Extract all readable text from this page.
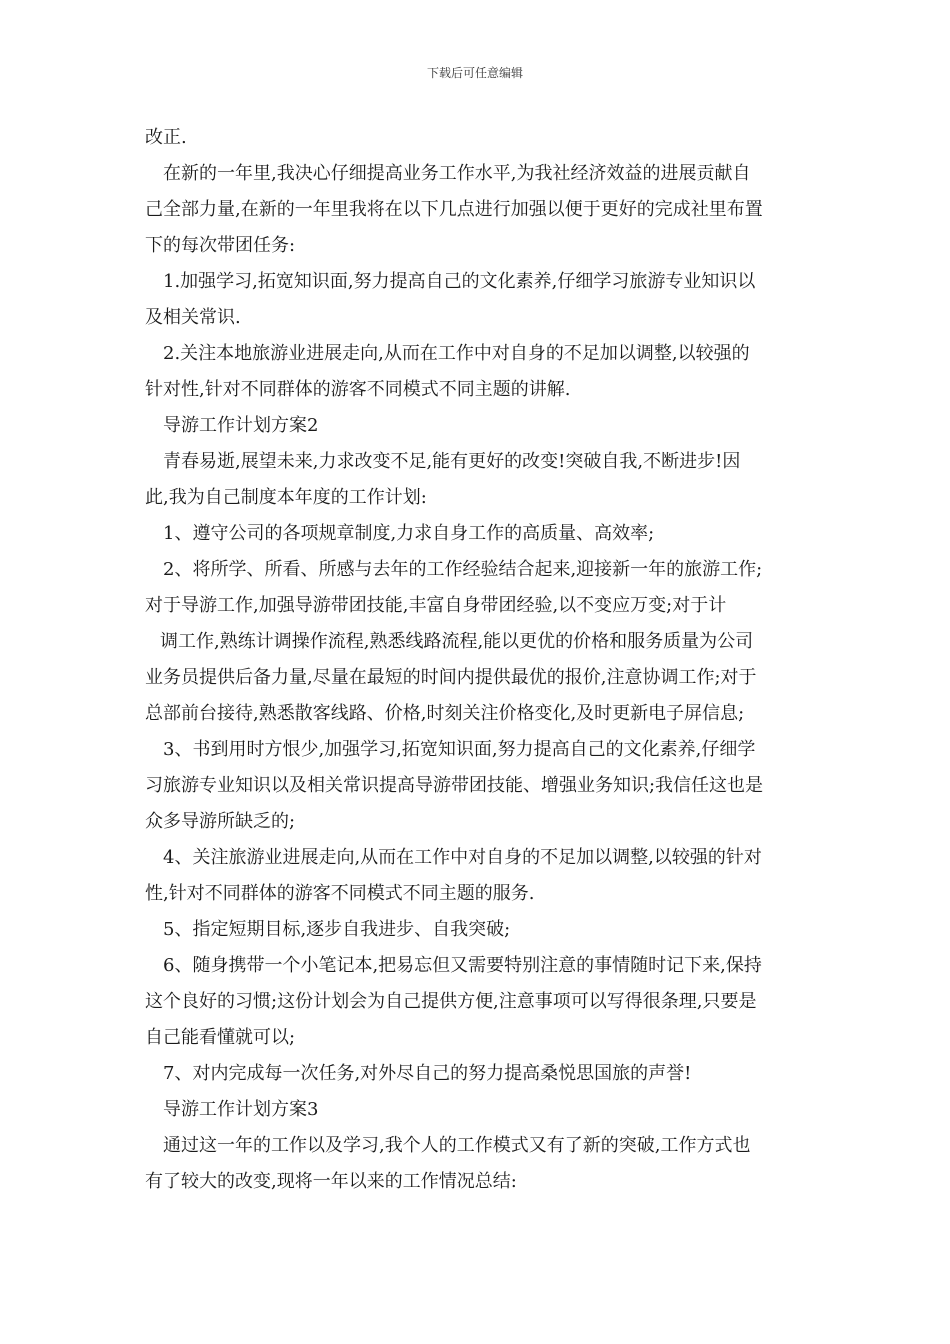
下载后可任意编辑
改正.
在新的一年里,我决心仔细提高业务工作水平,为我社经济效益的进展贡献自
己全部力量,在新的一年里我将在以下几点进行加强以便于更好的完成社里布置
下的每次带团任务:
1.加强学习,拓宽知识面,努力提高自己的文化素养,仔细学习旅游专业知识以
及相关常识.
2.关注本地旅游业进展走向,从而在工作中对自身的不足加以调整,以较强的
针对性,针对不同群体的游客不同模式不同主题的讲解.
导游工作计划方案2
青春易逝,展望未来,力求改变不足,能有更好的改变!突破自我,不断进步!因
此,我为自己制度本年度的工作计划:
1、遵守公司的各项规章制度,力求自身工作的高质量、高效率;
2、将所学、所看、所感与去年的工作经验结合起来,迎接新一年的旅游工作;
对于导游工作,加强导游带团技能,丰富自身带团经验,以不变应万变;对于计
调工作,熟练计调操作流程,熟悉线路流程,能以更优的价格和服务质量为公司
业务员提供后备力量,尽量在最短的时间内提供最优的报价,注意协调工作;对于
总部前台接待,熟悉散客线路、价格,时刻关注价格变化,及时更新电子屏信息;
3、书到用时方恨少,加强学习,拓宽知识面,努力提高自己的文化素养,仔细学
习旅游专业知识以及相关常识提高导游带团技能、增强业务知识;我信任这也是
众多导游所缺乏的;
4、关注旅游业进展走向,从而在工作中对自身的不足加以调整,以较强的针对
性,针对不同群体的游客不同模式不同主题的服务.
5、指定短期目标,逐步自我进步、自我突破;
6、随身携带一个小笔记本,把易忘但又需要特别注意的事情随时记下来,保持
这个良好的习惯;这份计划会为自己提供方便,注意事项可以写得很条理,只要是
自己能看懂就可以;
7、对内完成每一次任务,对外尽自己的努力提高桑悦思国旅的声誉!
导游工作计划方案3
通过这一年的工作以及学习,我个人的工作模式又有了新的突破,工作方式也
有了较大的改变,现将一年以来的工作情况总结:
